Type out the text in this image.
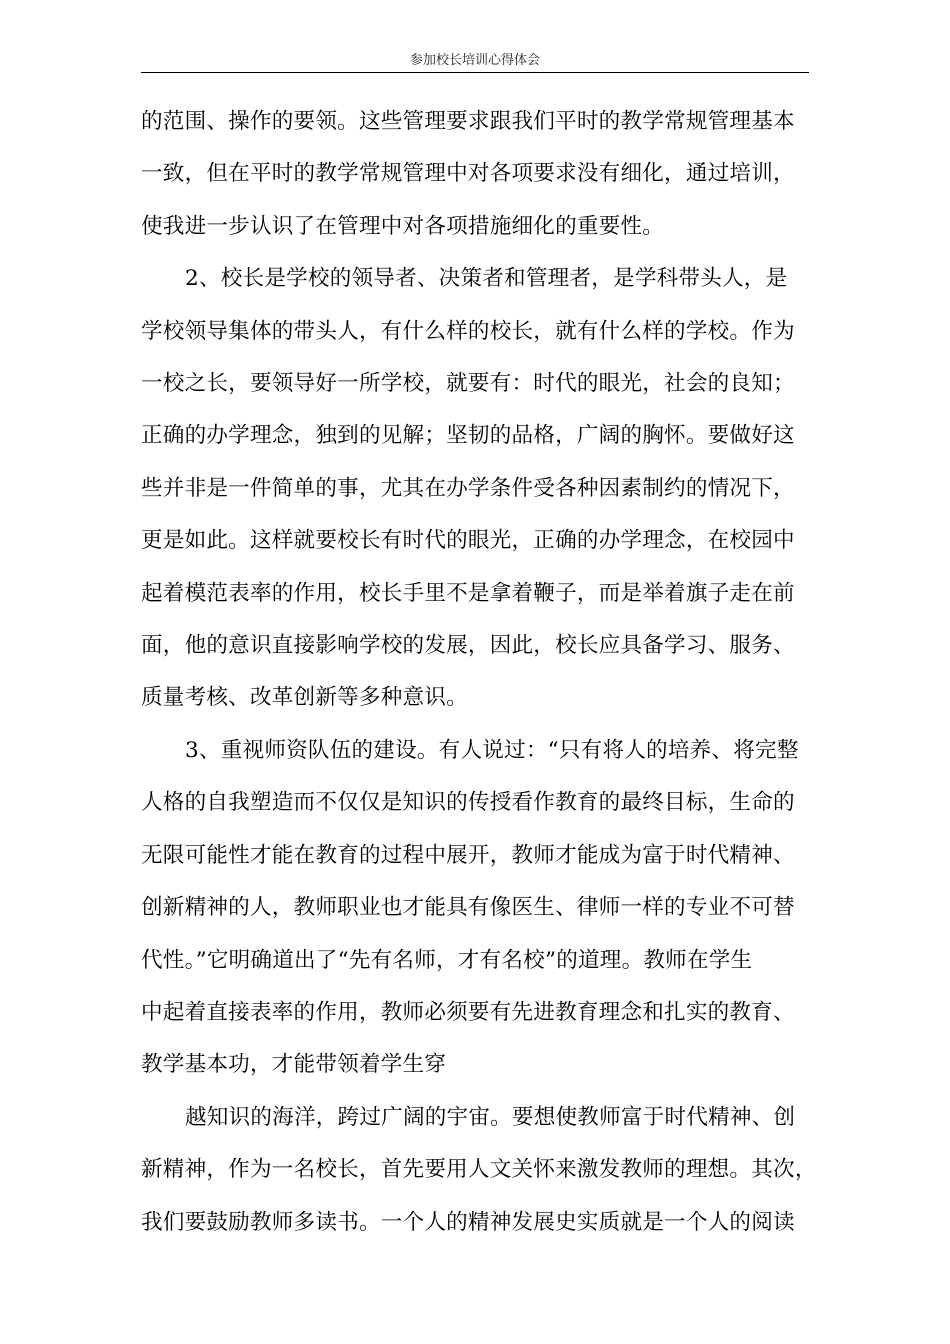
参加校长培训心得体会

的范围、操作的要领。这些管理要求跟我们平时的教学常规管理基本
一致，但在平时的教学常规管理中对各项要求没有细化，通过培训，
使我进一步认识了在管理中对各项措施细化的重要性。

2、校长是学校的领导者、决策者和管理者，是学科带头人，是
学校领导集体的带头人，有什么样的校长，就有什么样的学校。作为
一校之长，要领导好一所学校，就要有：时代的眼光，社会的良知；
正确的办学理念，独到的见解；坚韧的品格，广阔的胸怀。要做好这
些并非是一件简单的事，尤其在办学条件受各种因素制约的情况下，
更是如此。这样就要校长有时代的眼光，正确的办学理念，在校园中
起着模范表率的作用，校长手里不是拿着鞭子，而是举着旗子走在前
面，他的意识直接影响学校的发展，因此，校长应具备学习、服务、
质量考核、改革创新等多种意识。

3、重视师资队伍的建设。有人说过：“只有将人的培养、将完整
人格的自我塑造而不仅仅是知识的传授看作教育的最终目标，生命的
无限可能性才能在教育的过程中展开，教师才能成为富于时代精神、
创新精神的人，教师职业也才能具有像医生、律师一样的专业不可替
代性。”它明确道出了“先有名师，才有名校”的道理。教师在学生
中起着直接表率的作用，教师必须要有先进教育理念和扎实的教育、
教学基本功，才能带领着学生穿

越知识的海洋，跨过广阔的宇宙。要想使教师富于时代精神、创
新精神，作为一名校长，首先要用人文关怀来激发教师的理想。其次，
我们要鼓励教师多读书。一个人的精神发展史实质就是一个人的阅读
